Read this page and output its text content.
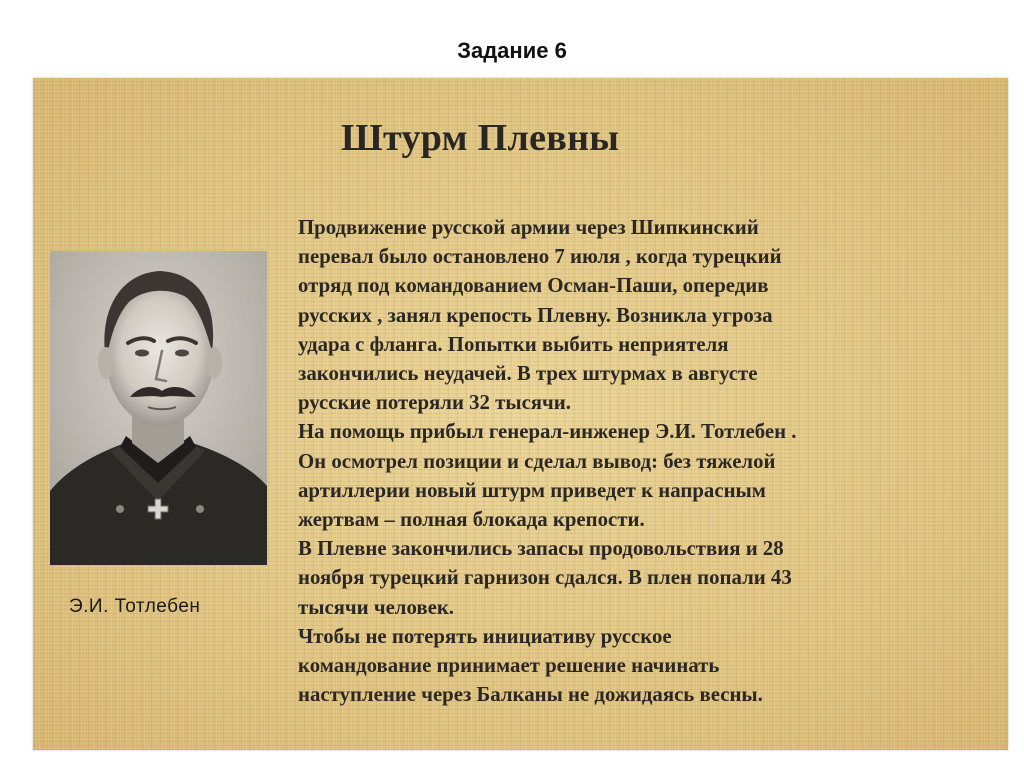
Задание 6
Штурм Плевны
Э.И. Тотлебен

Продвижение русской армии через Шипкинский

перевал было остановлено 7 июля , когда турецкий

отряд под командованием Осман-Паши, опередив

русских , занял крепость Плевну. Возникла угроза

удара с фланга. Попытки выбить неприятеля

закончились неудачей. В трех штурмах в августе

русские потеряли 32 тысячи.

На помощь прибыл генерал-инженер Э.И. Тотлебен .

Он осмотрел позиции и сделал вывод: без тяжелой

артиллерии новый штурм приведет к напрасным

жертвам – полная блокада крепости.

В Плевне закончились запасы продовольствия и 28

ноября турецкий гарнизон сдался. В плен попали 43

тысячи человек.

Чтобы не потерять инициативу русское

командование принимает решение начинать

наступление через Балканы не дожидаясь весны.
